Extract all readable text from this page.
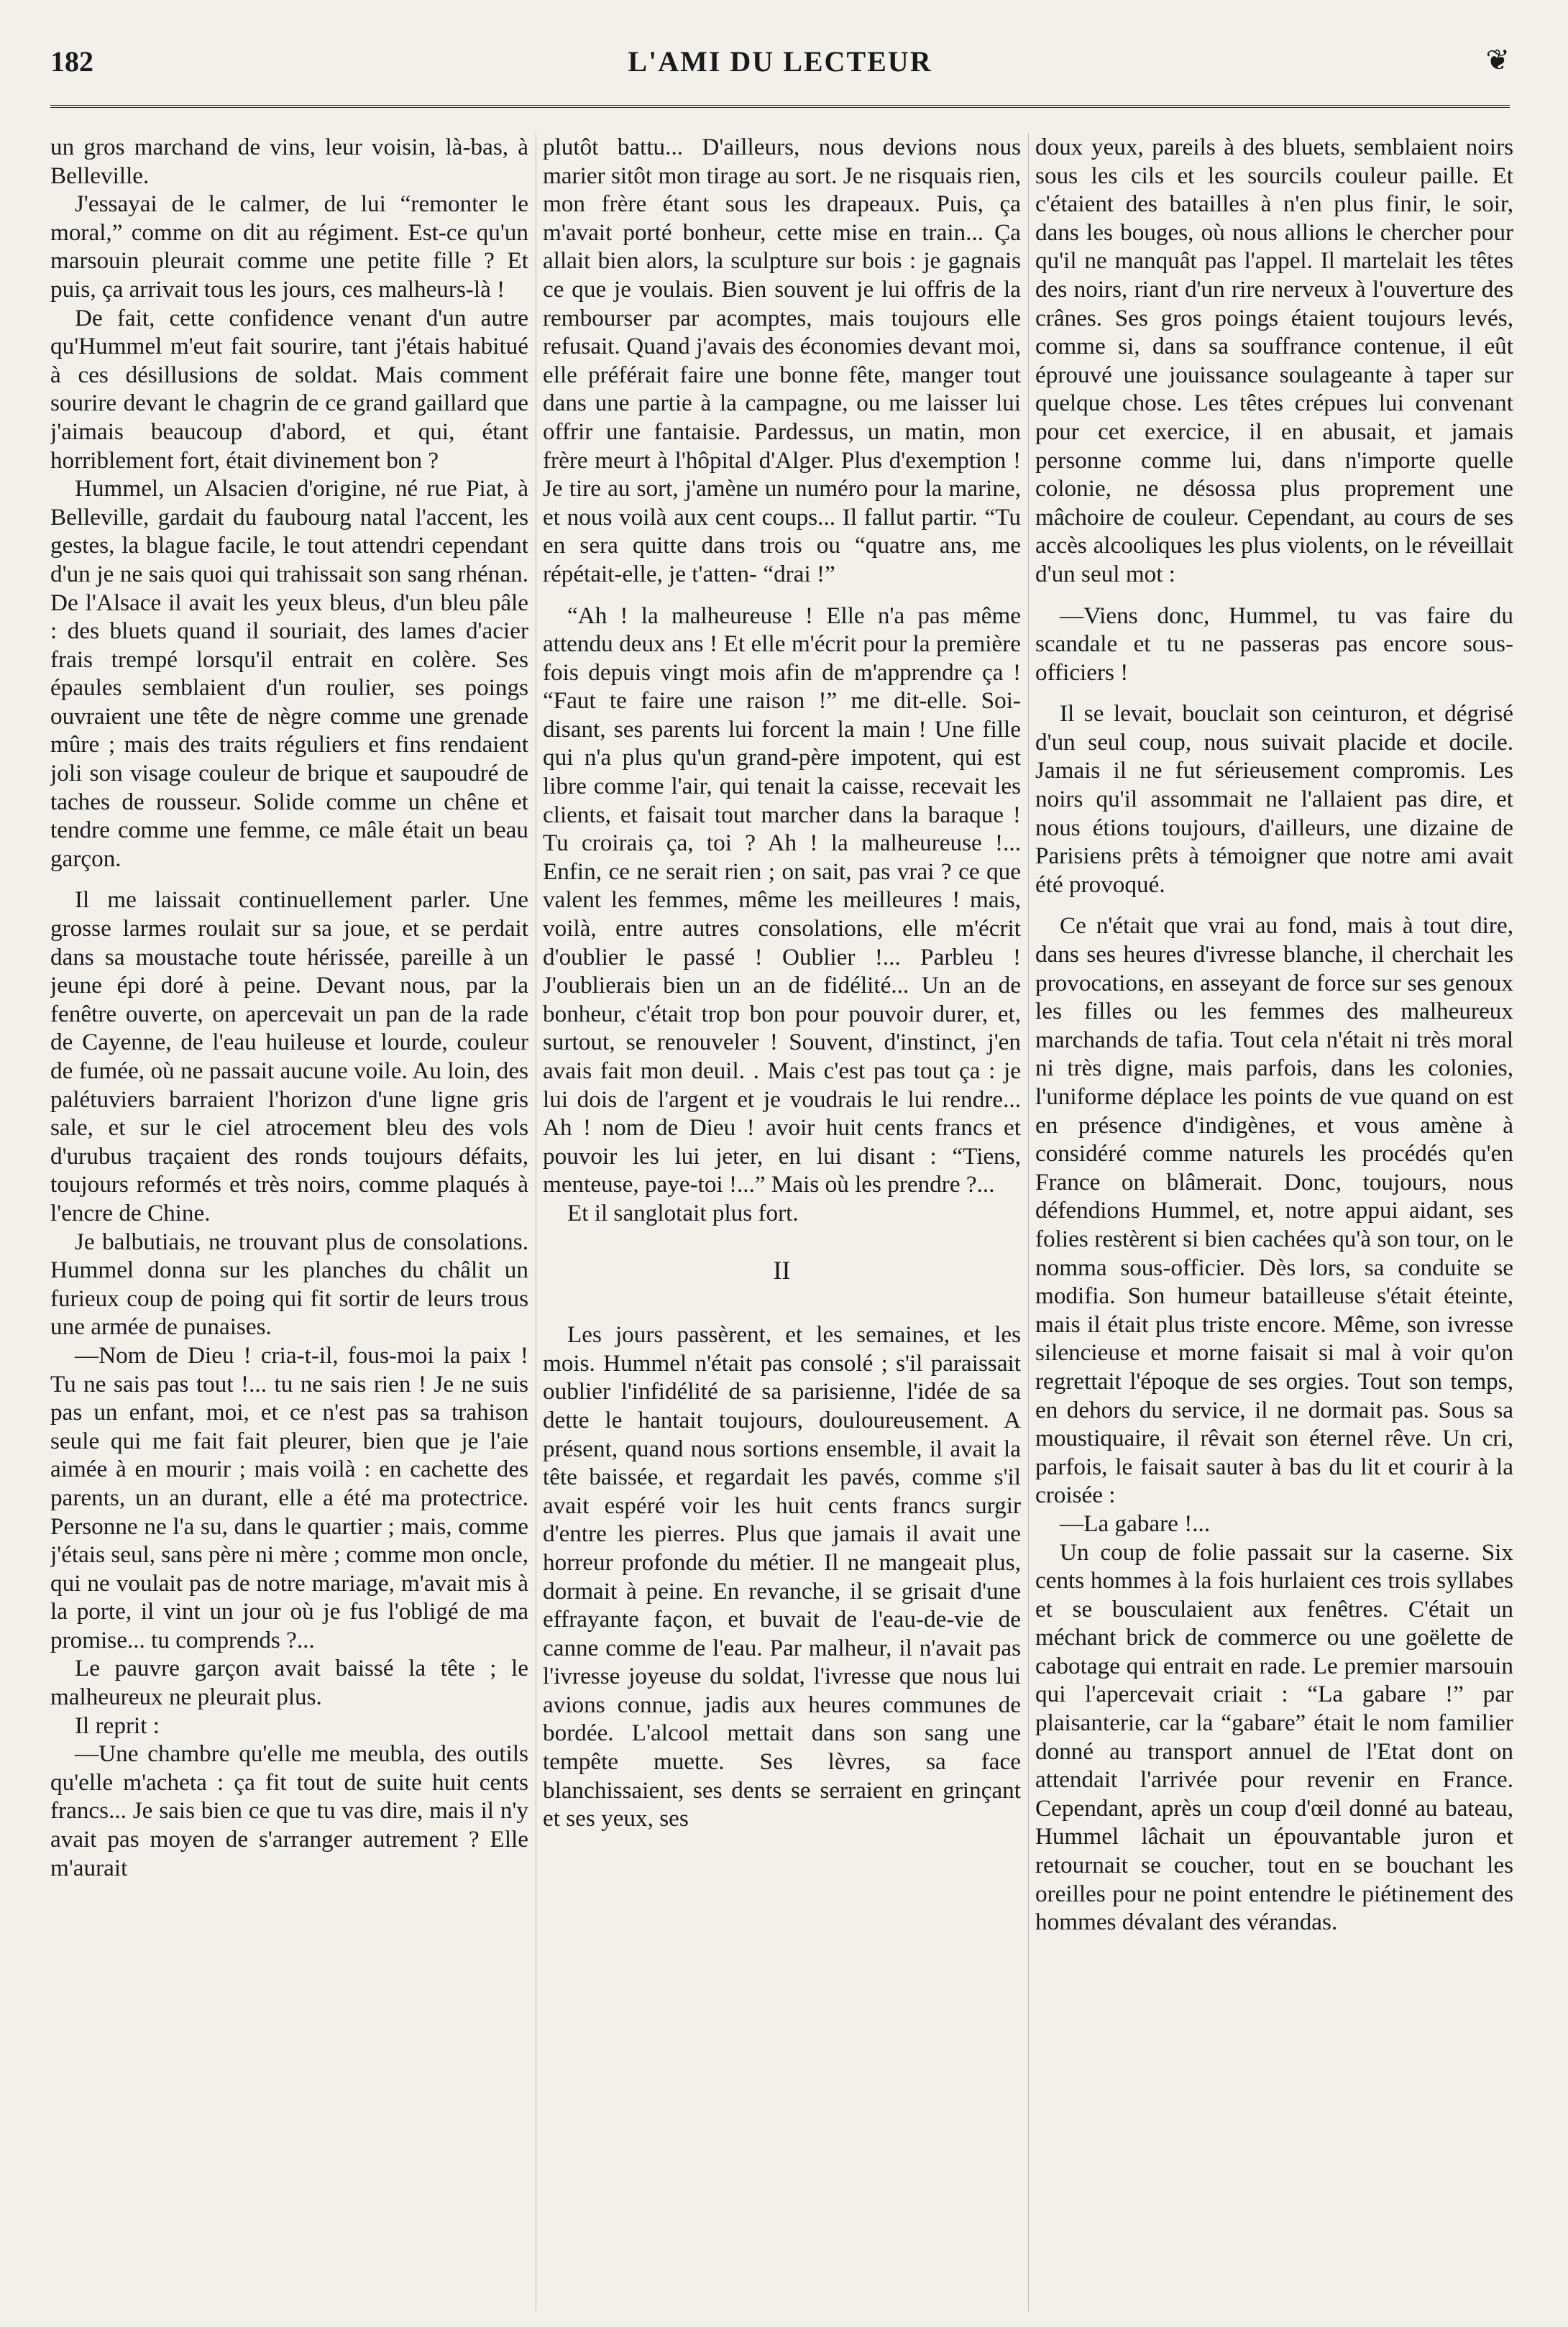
182	L'AMI DU LECTEUR	❦

un gros marchand de vins, leur voisin, là-bas, à Belleville.

J'essayai de le calmer, de lui “remonter le moral,” comme on dit au régiment. Est-ce qu'un marsouin pleurait comme une petite fille ? Et puis, ça arrivait tous les jours, ces malheurs-là !

De fait, cette confidence venant d'un autre qu'Hummel m'eut fait sourire, tant j'étais habitué à ces désillusions de soldat. Mais comment sourire devant le chagrin de ce grand gaillard que j'aimais beaucoup d'abord, et qui, étant horriblement fort, était divinement bon ?

Hummel, un Alsacien d'origine, né rue Piat, à Belleville, gardait du faubourg natal l'accent, les gestes, la blague facile, le tout attendri cependant d'un je ne sais quoi qui trahissait son sang rhénan. De l'Alsace il avait les yeux bleus, d'un bleu pâle : des bluets quand il souriait, des lames d'acier frais trempé lorsqu'il entrait en colère. Ses épaules semblaient d'un roulier, ses poings ouvraient une tête de nègre comme une grenade mûre ; mais des traits réguliers et fins rendaient joli son visage couleur de brique et saupoudré de taches de rousseur. Solide comme un chêne et tendre comme une femme, ce mâle était un beau garçon.

Il me laissait continuellement parler. Une grosse larmes roulait sur sa joue, et se perdait dans sa moustache toute hérissée, pareille à un jeune épi doré à peine. Devant nous, par la fenêtre ouverte, on apercevait un pan de la rade de Cayenne, de l'eau huileuse et lourde, couleur de fumée, où ne passait aucune voile. Au loin, des palétuviers barraient l'horizon d'une ligne gris sale, et sur le ciel atrocement bleu des vols d'urubus traçaient des ronds toujours défaits, toujours reformés et très noirs, comme plaqués à l'encre de Chine.

Je balbutiais, ne trouvant plus de consolations. Hummel donna sur les planches du châlit un furieux coup de poing qui fit sortir de leurs trous une armée de punaises.

—Nom de Dieu ! cria-t-il, fous-moi la paix ! Tu ne sais pas tout !... tu ne sais rien ! Je ne suis pas un enfant, moi, et ce n'est pas sa trahison seule qui me fait fait pleurer, bien que je l'aie aimée à en mourir ; mais voilà : en cachette des parents, un an durant, elle a été ma protectrice. Personne ne l'a su, dans le quartier ; mais, comme j'étais seul, sans père ni mère ; comme mon oncle, qui ne voulait pas de notre mariage, m'avait mis à la porte, il vint un jour où je fus l'obligé de ma promise... tu comprends ?...

Le pauvre garçon avait baissé la tête ; le malheureux ne pleurait plus.

Il reprit :

—Une chambre qu'elle me meubla, des outils qu'elle m'acheta : ça fit tout de suite huit cents francs... Je sais bien ce que tu vas dire, mais il n'y avait pas moyen de s'arranger autrement ? Elle m'aurait

plutôt battu... D'ailleurs, nous devions nous marier sitôt mon tirage au sort. Je ne risquais rien, mon frère étant sous les drapeaux. Puis, ça m'avait porté bonheur, cette mise en train... Ça allait bien alors, la sculpture sur bois : je gagnais ce que je voulais. Bien souvent je lui offris de la rembourser par acomptes, mais toujours elle refusait. Quand j'avais des économies devant moi, elle préférait faire une bonne fête, manger tout dans une partie à la campagne, ou me laisser lui offrir une fantaisie. Pardessus, un matin, mon frère meurt à l'hôpital d'Alger. Plus d'exemption ! Je tire au sort, j'amène un numéro pour la marine, et nous voilà aux cent coups... Il fallut partir. “Tu en sera quitte dans trois ou “quatre ans, me répétait-elle, je t'atten- “drai !”

“Ah ! la malheureuse ! Elle n'a pas même attendu deux ans ! Et elle m'écrit pour la première fois depuis vingt mois afin de m'apprendre ça ! “Faut te faire une raison !” me dit-elle. Soi-disant, ses parents lui forcent la main ! Une fille qui n'a plus qu'un grand-père impotent, qui est libre comme l'air, qui tenait la caisse, recevait les clients, et faisait tout marcher dans la baraque ! Tu croirais ça, toi ? Ah ! la malheureuse !... Enfin, ce ne serait rien ; on sait, pas vrai ? ce que valent les femmes, même les meilleures ! mais, voilà, entre autres consolations, elle m'écrit d'oublier le passé ! Oublier !... Parbleu ! J'oublierais bien un an de fidélité... Un an de bonheur, c'était trop bon pour pouvoir durer, et, surtout, se renouveler ! Souvent, d'instinct, j'en avais fait mon deuil. . Mais c'est pas tout ça : je lui dois de l'argent et je voudrais le lui rendre... Ah ! nom de Dieu ! avoir huit cents francs et pouvoir les lui jeter, en lui disant : “Tiens, menteuse, paye-toi !...” Mais où les prendre ?...

Et il sanglotait plus fort.

II

Les jours passèrent, et les semaines, et les mois. Hummel n'était pas consolé ; s'il paraissait oublier l'infidélité de sa parisienne, l'idée de sa dette le hantait toujours, douloureusement. A présent, quand nous sortions ensemble, il avait la tête baissée, et regardait les pavés, comme s'il avait espéré voir les huit cents francs surgir d'entre les pierres. Plus que jamais il avait une horreur profonde du métier. Il ne mangeait plus, dormait à peine. En revanche, il se grisait d'une effrayante façon, et buvait de l'eau-de-vie de canne comme de l'eau. Par malheur, il n'avait pas l'ivresse joyeuse du soldat, l'ivresse que nous lui avions connue, jadis aux heures communes de bordée. L'alcool mettait dans son sang une tempête muette. Ses lèvres, sa face blanchissaient, ses dents se serraient en grinçant et ses yeux, ses

doux yeux, pareils à des bluets, semblaient noirs sous les cils et les sourcils couleur paille. Et c'étaient des batailles à n'en plus finir, le soir, dans les bouges, où nous allions le chercher pour qu'il ne manquât pas l'appel. Il martelait les têtes des noirs, riant d'un rire nerveux à l'ouverture des crânes. Ses gros poings étaient toujours levés, comme si, dans sa souffrance contenue, il eût éprouvé une jouissance soulageante à taper sur quelque chose. Les têtes crépues lui convenant pour cet exercice, il en abusait, et jamais personne comme lui, dans n'importe quelle colonie, ne désossa plus proprement une mâchoire de couleur. Cependant, au cours de ses accès alcooliques les plus violents, on le réveillait d'un seul mot :

—Viens donc, Hummel, tu vas faire du scandale et tu ne passeras pas encore sous-officiers !

Il se levait, bouclait son ceinturon, et dégrisé d'un seul coup, nous suivait placide et docile. Jamais il ne fut sérieusement compromis. Les noirs qu'il assommait ne l'allaient pas dire, et nous étions toujours, d'ailleurs, une dizaine de Parisiens prêts à témoigner que notre ami avait été provoqué.

Ce n'était que vrai au fond, mais à tout dire, dans ses heures d'ivresse blanche, il cherchait les provocations, en asseyant de force sur ses genoux les filles ou les femmes des malheureux marchands de tafia. Tout cela n'était ni très moral ni très digne, mais parfois, dans les colonies, l'uniforme déplace les points de vue quand on est en présence d'indigènes, et vous amène à considéré comme naturels les procédés qu'en France on blâmerait. Donc, toujours, nous défendions Hummel, et, notre appui aidant, ses folies restèrent si bien cachées qu'à son tour, on le nomma sous-officier. Dès lors, sa conduite se modifia. Son humeur batailleuse s'était éteinte, mais il était plus triste encore. Même, son ivresse silencieuse et morne faisait si mal à voir qu'on regrettait l'époque de ses orgies. Tout son temps, en dehors du service, il ne dormait pas. Sous sa moustiquaire, il rêvait son éternel rêve. Un cri, parfois, le faisait sauter à bas du lit et courir à la croisée :

—La gabare !...

Un coup de folie passait sur la caserne. Six cents hommes à la fois hurlaient ces trois syllabes et se bousculaient aux fenêtres. C'était un méchant brick de commerce ou une goëlette de cabotage qui entrait en rade. Le premier marsouin qui l'apercevait criait : “La gabare !” par plaisanterie, car la “gabare” était le nom familier donné au transport annuel de l'Etat dont on attendait l'arrivée pour revenir en France. Cependant, après un coup d'œil donné au bateau, Hummel lâchait un épouvantable juron et retournait se coucher, tout en se bouchant les oreilles pour ne point entendre le piétinement des hommes dévalant des vérandas.
